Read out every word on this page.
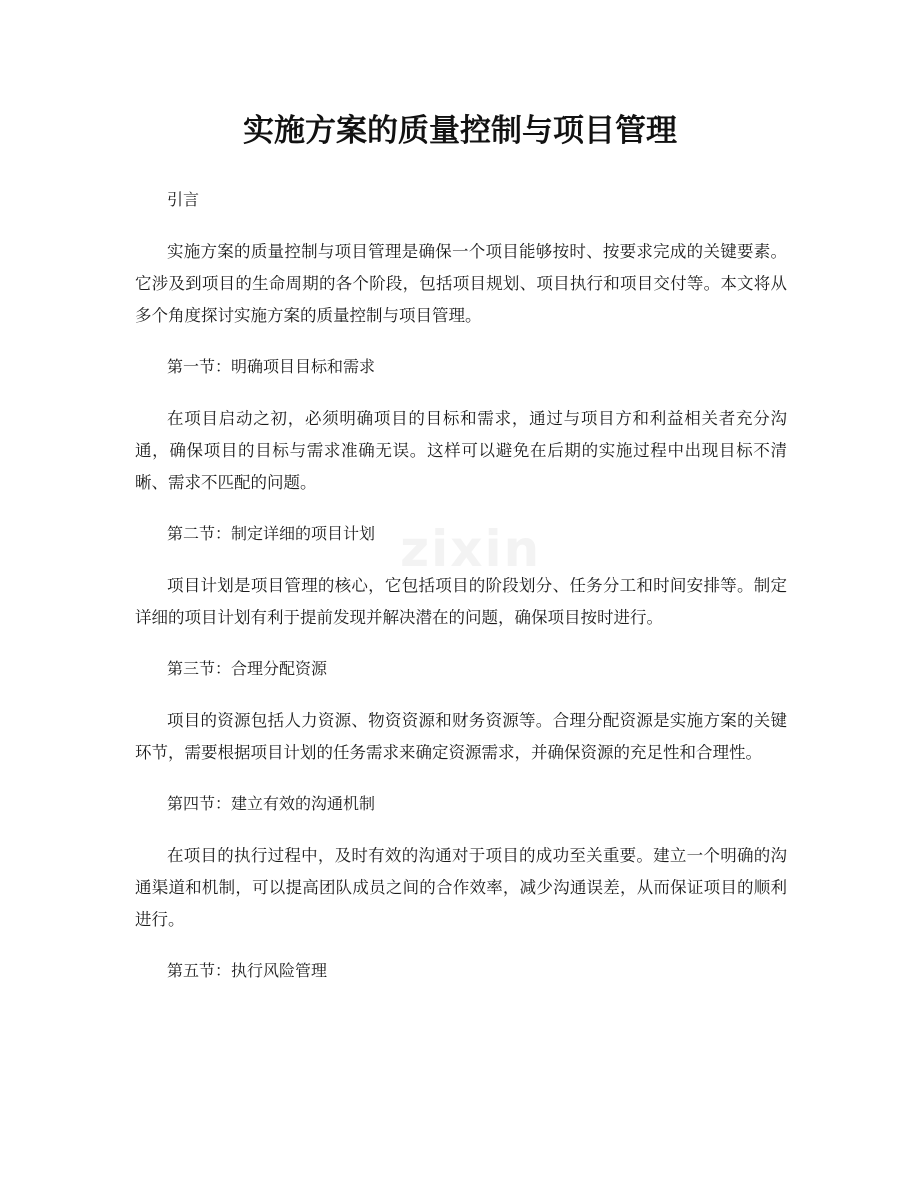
zixin
实施方案的质量控制与项目管理

引言

实施方案的质量控制与项目管理是确保一个项目能够按时、按要求完成的关键要素。它涉及到项目的生命周期的各个阶段，包括项目规划、项目执行和项目交付等。本文将从多个角度探讨实施方案的质量控制与项目管理。

第一节：明确项目目标和需求

在项目启动之初，必须明确项目的目标和需求，通过与项目方和利益相关者充分沟通，确保项目的目标与需求准确无误。这样可以避免在后期的实施过程中出现目标不清晰、需求不匹配的问题。

第二节：制定详细的项目计划

项目计划是项目管理的核心，它包括项目的阶段划分、任务分工和时间安排等。制定详细的项目计划有利于提前发现并解决潜在的问题，确保项目按时进行。

第三节：合理分配资源

项目的资源包括人力资源、物资资源和财务资源等。合理分配资源是实施方案的关键环节，需要根据项目计划的任务需求来确定资源需求，并确保资源的充足性和合理性。

第四节：建立有效的沟通机制

在项目的执行过程中，及时有效的沟通对于项目的成功至关重要。建立一个明确的沟通渠道和机制，可以提高团队成员之间的合作效率，减少沟通误差，从而保证项目的顺利进行。

第五节：执行风险管理
